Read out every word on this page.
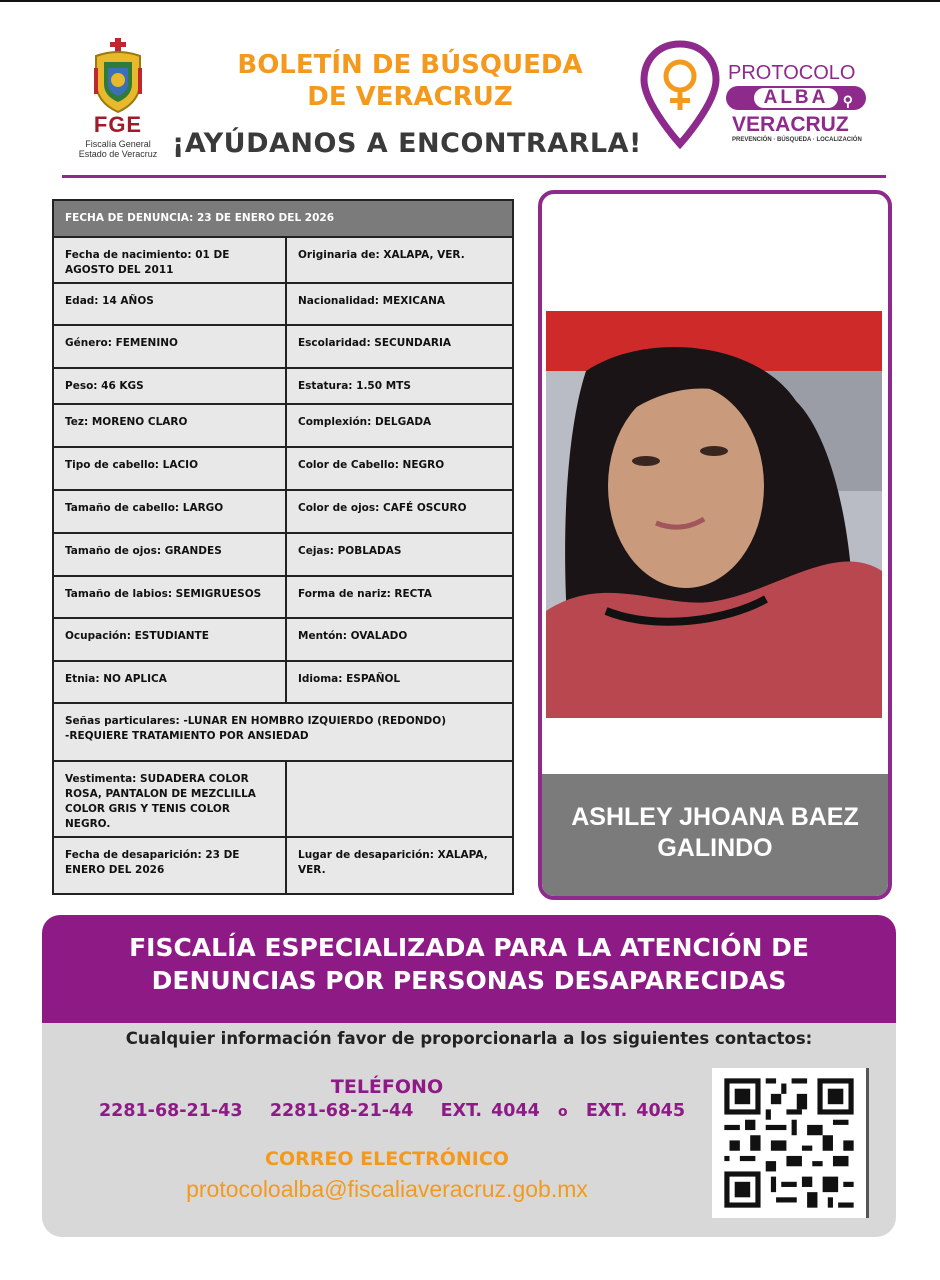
FGE
Fiscalía General
Estado de Veracruz
BOLETÍN DE BÚSQUEDA
DE VERACRUZ
¡AYÚDANOS A ENCONTRARLA!
PROTOCOLO
ALBA ⚲
VERACRUZ
PREVENCIÓN · BÚSQUEDA · LOCALIZACIÓN
FECHA DE DENUNCIA: 23 DE ENERO DEL 2026	
Fecha de nacimiento: 01 DE AGOSTO DEL 2011	Originaria de: XALAPA, VER.
Edad: 14 AÑOS	Nacionalidad: MEXICANA
Género: FEMENINO	Escolaridad: SECUNDARIA
Peso: 46 KGS	Estatura: 1.50 MTS
Tez: MORENO CLARO	Complexión: DELGADA
Tipo de cabello: LACIO	Color de Cabello: NEGRO
Tamaño de cabello: LARGO	Color de ojos: CAFÉ OSCURO
Tamaño de ojos: GRANDES	Cejas: POBLADAS
Tamaño de labios: SEMIGRUESOS	Forma de nariz: RECTA
Ocupación: ESTUDIANTE	Mentón: OVALADO
Etnia: NO APLICA	Idioma: ESPAÑOL

Señas particulares: -LUNAR EN HOMBRO IZQUIERDO (REDONDO)
-REQUIERE TRATAMIENTO POR ANSIEDAD	

Vestimenta: SUDADERA COLOR ROSA, PANTALON DE MEZCLILLA COLOR GRIS Y TENIS COLOR NEGRO.	
Fecha de desaparición: 23 DE ENERO DEL 2026	Lugar de desaparición: XALAPA, VER.
ASHLEY JHOANA BAEZ
GALINDO
FISCALÍA ESPECIALIZADA PARA LA ATENCIÓN DE
DENUNCIAS POR PERSONAS DESAPARECIDAS
Cualquier información favor de proporcionarla a los siguientes contactos:
TELÉFONO
2281-68-21-43 2281-68-21-44 EXT. 4044 o EXT. 4045
CORREO ELECTRÓNICO
protocoloalba@fiscaliaveracruz.gob.mx
